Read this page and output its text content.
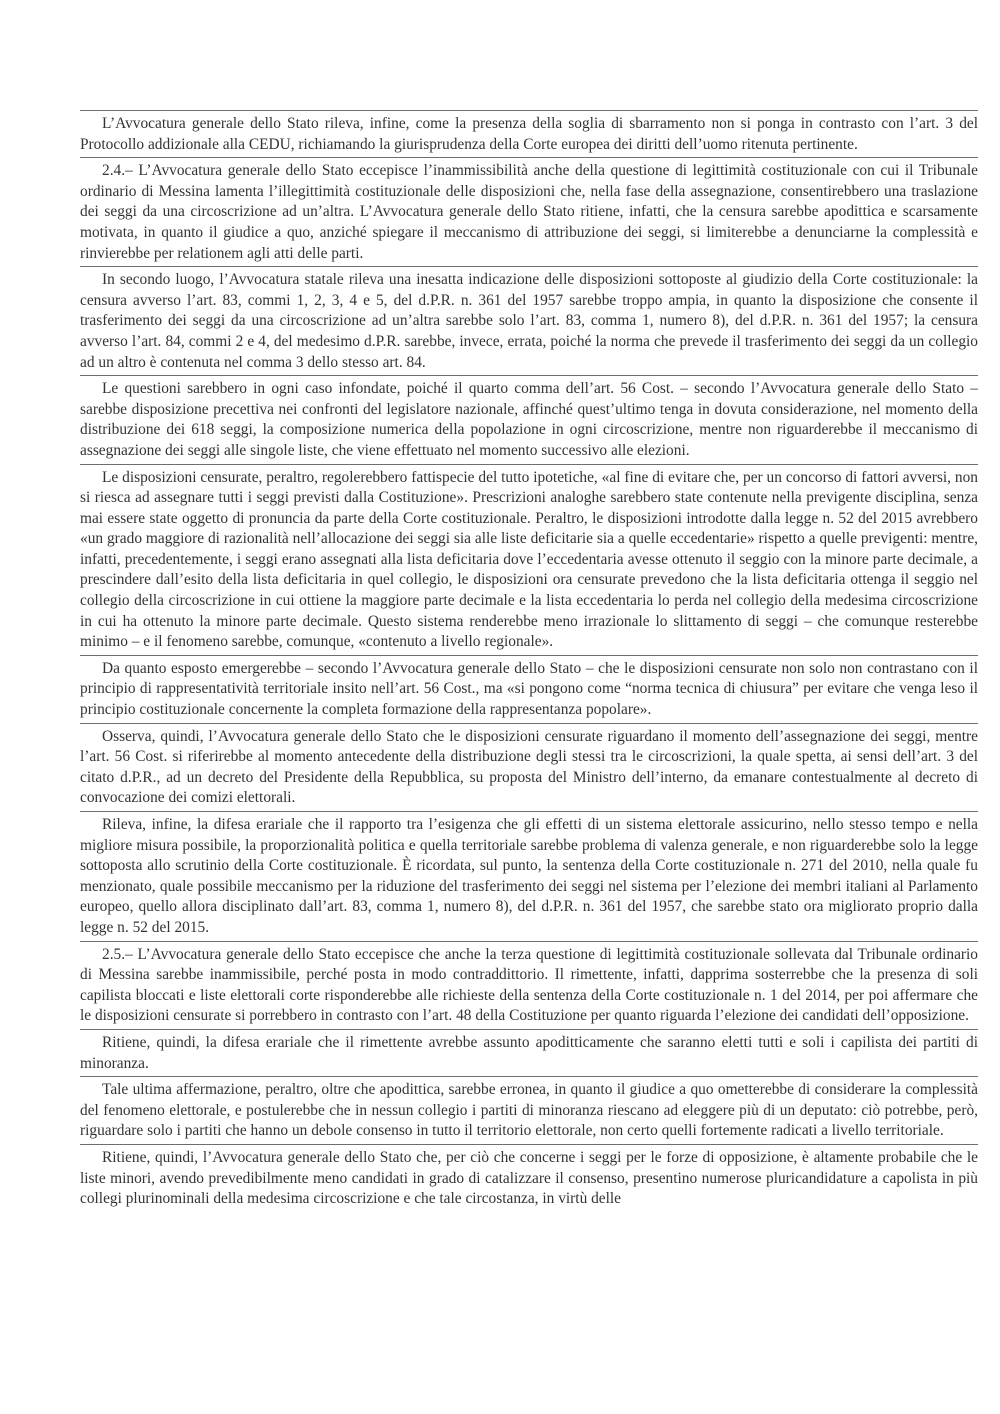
L’Avvocatura generale dello Stato rileva, infine, come la presenza della soglia di sbarramento non si ponga in contrasto con l’art. 3 del Protocollo addizionale alla CEDU, richiamando la giurisprudenza della Corte europea dei diritti dell’uomo ritenuta pertinente.

2.4.– L’Avvocatura generale dello Stato eccepisce l’inammissibilità anche della questione di legittimità costituzionale con cui il Tribunale ordinario di Messina lamenta l’illegittimità costituzionale delle disposizioni che, nella fase della assegnazione, consentirebbero una traslazione dei seggi da una circoscrizione ad un’altra. L’Avvocatura generale dello Stato ritiene, infatti, che la censura sarebbe apodittica e scarsamente motivata, in quanto il giudice a quo, anziché spiegare il meccanismo di attribuzione dei seggi, si limiterebbe a denunciarne la complessità e rinvierebbe per relationem agli atti delle parti.

In secondo luogo, l’Avvocatura statale rileva una inesatta indicazione delle disposizioni sottoposte al giudizio della Corte costituzionale: la censura avverso l’art. 83, commi 1, 2, 3, 4 e 5, del d.P.R. n. 361 del 1957 sarebbe troppo ampia, in quanto la disposizione che consente il trasferimento dei seggi da una circoscrizione ad un’altra sarebbe solo l’art. 83, comma 1, numero 8), del d.P.R. n. 361 del 1957; la censura avverso l’art. 84, commi 2 e 4, del medesimo d.P.R. sarebbe, invece, errata, poiché la norma che prevede il trasferimento dei seggi da un collegio ad un altro è contenuta nel comma 3 dello stesso art. 84.

Le questioni sarebbero in ogni caso infondate, poiché il quarto comma dell’art. 56 Cost. – secondo l’Avvocatura generale dello Stato – sarebbe disposizione precettiva nei confronti del legislatore nazionale, affinché quest’ultimo tenga in dovuta considerazione, nel momento della distribuzione dei 618 seggi, la composizione numerica della popolazione in ogni circoscrizione, mentre non riguarderebbe il meccanismo di assegnazione dei seggi alle singole liste, che viene effettuato nel momento successivo alle elezioni.

Le disposizioni censurate, peraltro, regolerebbero fattispecie del tutto ipotetiche, «al fine di evitare che, per un concorso di fattori avversi, non si riesca ad assegnare tutti i seggi previsti dalla Costituzione». Prescrizioni analoghe sarebbero state contenute nella previgente disciplina, senza mai essere state oggetto di pronuncia da parte della Corte costituzionale. Peraltro, le disposizioni introdotte dalla legge n. 52 del 2015 avrebbero «un grado maggiore di razionalità nell’allocazione dei seggi sia alle liste deficitarie sia a quelle eccedentarie» rispetto a quelle previgenti: mentre, infatti, precedentemente, i seggi erano assegnati alla lista deficitaria dove l’eccedentaria avesse ottenuto il seggio con la minore parte decimale, a prescindere dall’esito della lista deficitaria in quel collegio, le disposizioni ora censurate prevedono che la lista deficitaria ottenga il seggio nel collegio della circoscrizione in cui ottiene la maggiore parte decimale e la lista eccedentaria lo perda nel collegio della medesima circoscrizione in cui ha ottenuto la minore parte decimale. Questo sistema renderebbe meno irrazionale lo slittamento di seggi – che comunque resterebbe minimo – e il fenomeno sarebbe, comunque, «contenuto a livello regionale».

Da quanto esposto emergerebbe – secondo l’Avvocatura generale dello Stato – che le disposizioni censurate non solo non contrastano con il principio di rappresentatività territoriale insito nell’art. 56 Cost., ma «si pongono come “norma tecnica di chiusura” per evitare che venga leso il principio costituzionale concernente la completa formazione della rappresentanza popolare».

Osserva, quindi, l’Avvocatura generale dello Stato che le disposizioni censurate riguardano il momento dell’assegnazione dei seggi, mentre l’art. 56 Cost. si riferirebbe al momento antecedente della distribuzione degli stessi tra le circoscrizioni, la quale spetta, ai sensi dell’art. 3 del citato d.P.R., ad un decreto del Presidente della Repubblica, su proposta del Ministro dell’interno, da emanare contestualmente al decreto di convocazione dei comizi elettorali.

Rileva, infine, la difesa erariale che il rapporto tra l’esigenza che gli effetti di un sistema elettorale assicurino, nello stesso tempo e nella migliore misura possibile, la proporzionalità politica e quella territoriale sarebbe problema di valenza generale, e non riguarderebbe solo la legge sottoposta allo scrutinio della Corte costituzionale. È ricordata, sul punto, la sentenza della Corte costituzionale n. 271 del 2010, nella quale fu menzionato, quale possibile meccanismo per la riduzione del trasferimento dei seggi nel sistema per l’elezione dei membri italiani al Parlamento europeo, quello allora disciplinato dall’art. 83, comma 1, numero 8), del d.P.R. n. 361 del 1957, che sarebbe stato ora migliorato proprio dalla legge n. 52 del 2015.

2.5.– L’Avvocatura generale dello Stato eccepisce che anche la terza questione di legittimità costituzionale sollevata dal Tribunale ordinario di Messina sarebbe inammissibile, perché posta in modo contraddittorio. Il rimettente, infatti, dapprima sosterrebbe che la presenza di soli capilista bloccati e liste elettorali corte risponderebbe alle richieste della sentenza della Corte costituzionale n. 1 del 2014, per poi affermare che le disposizioni censurate si porrebbero in contrasto con l’art. 48 della Costituzione per quanto riguarda l’elezione dei candidati dell’opposizione.

Ritiene, quindi, la difesa erariale che il rimettente avrebbe assunto apoditticamente che saranno eletti tutti e soli i capilista dei partiti di minoranza.

Tale ultima affermazione, peraltro, oltre che apodittica, sarebbe erronea, in quanto il giudice a quo ometterebbe di considerare la complessità del fenomeno elettorale, e postulerebbe che in nessun collegio i partiti di minoranza riescano ad eleggere più di un deputato: ciò potrebbe, però, riguardare solo i partiti che hanno un debole consenso in tutto il territorio elettorale, non certo quelli fortemente radicati a livello territoriale.

Ritiene, quindi, l’Avvocatura generale dello Stato che, per ciò che concerne i seggi per le forze di opposizione, è altamente probabile che le liste minori, avendo prevedibilmente meno candidati in grado di catalizzare il consenso, presentino numerose pluricandidature a capolista in più collegi plurinominali della medesima circoscrizione e che tale circostanza, in virtù delle
